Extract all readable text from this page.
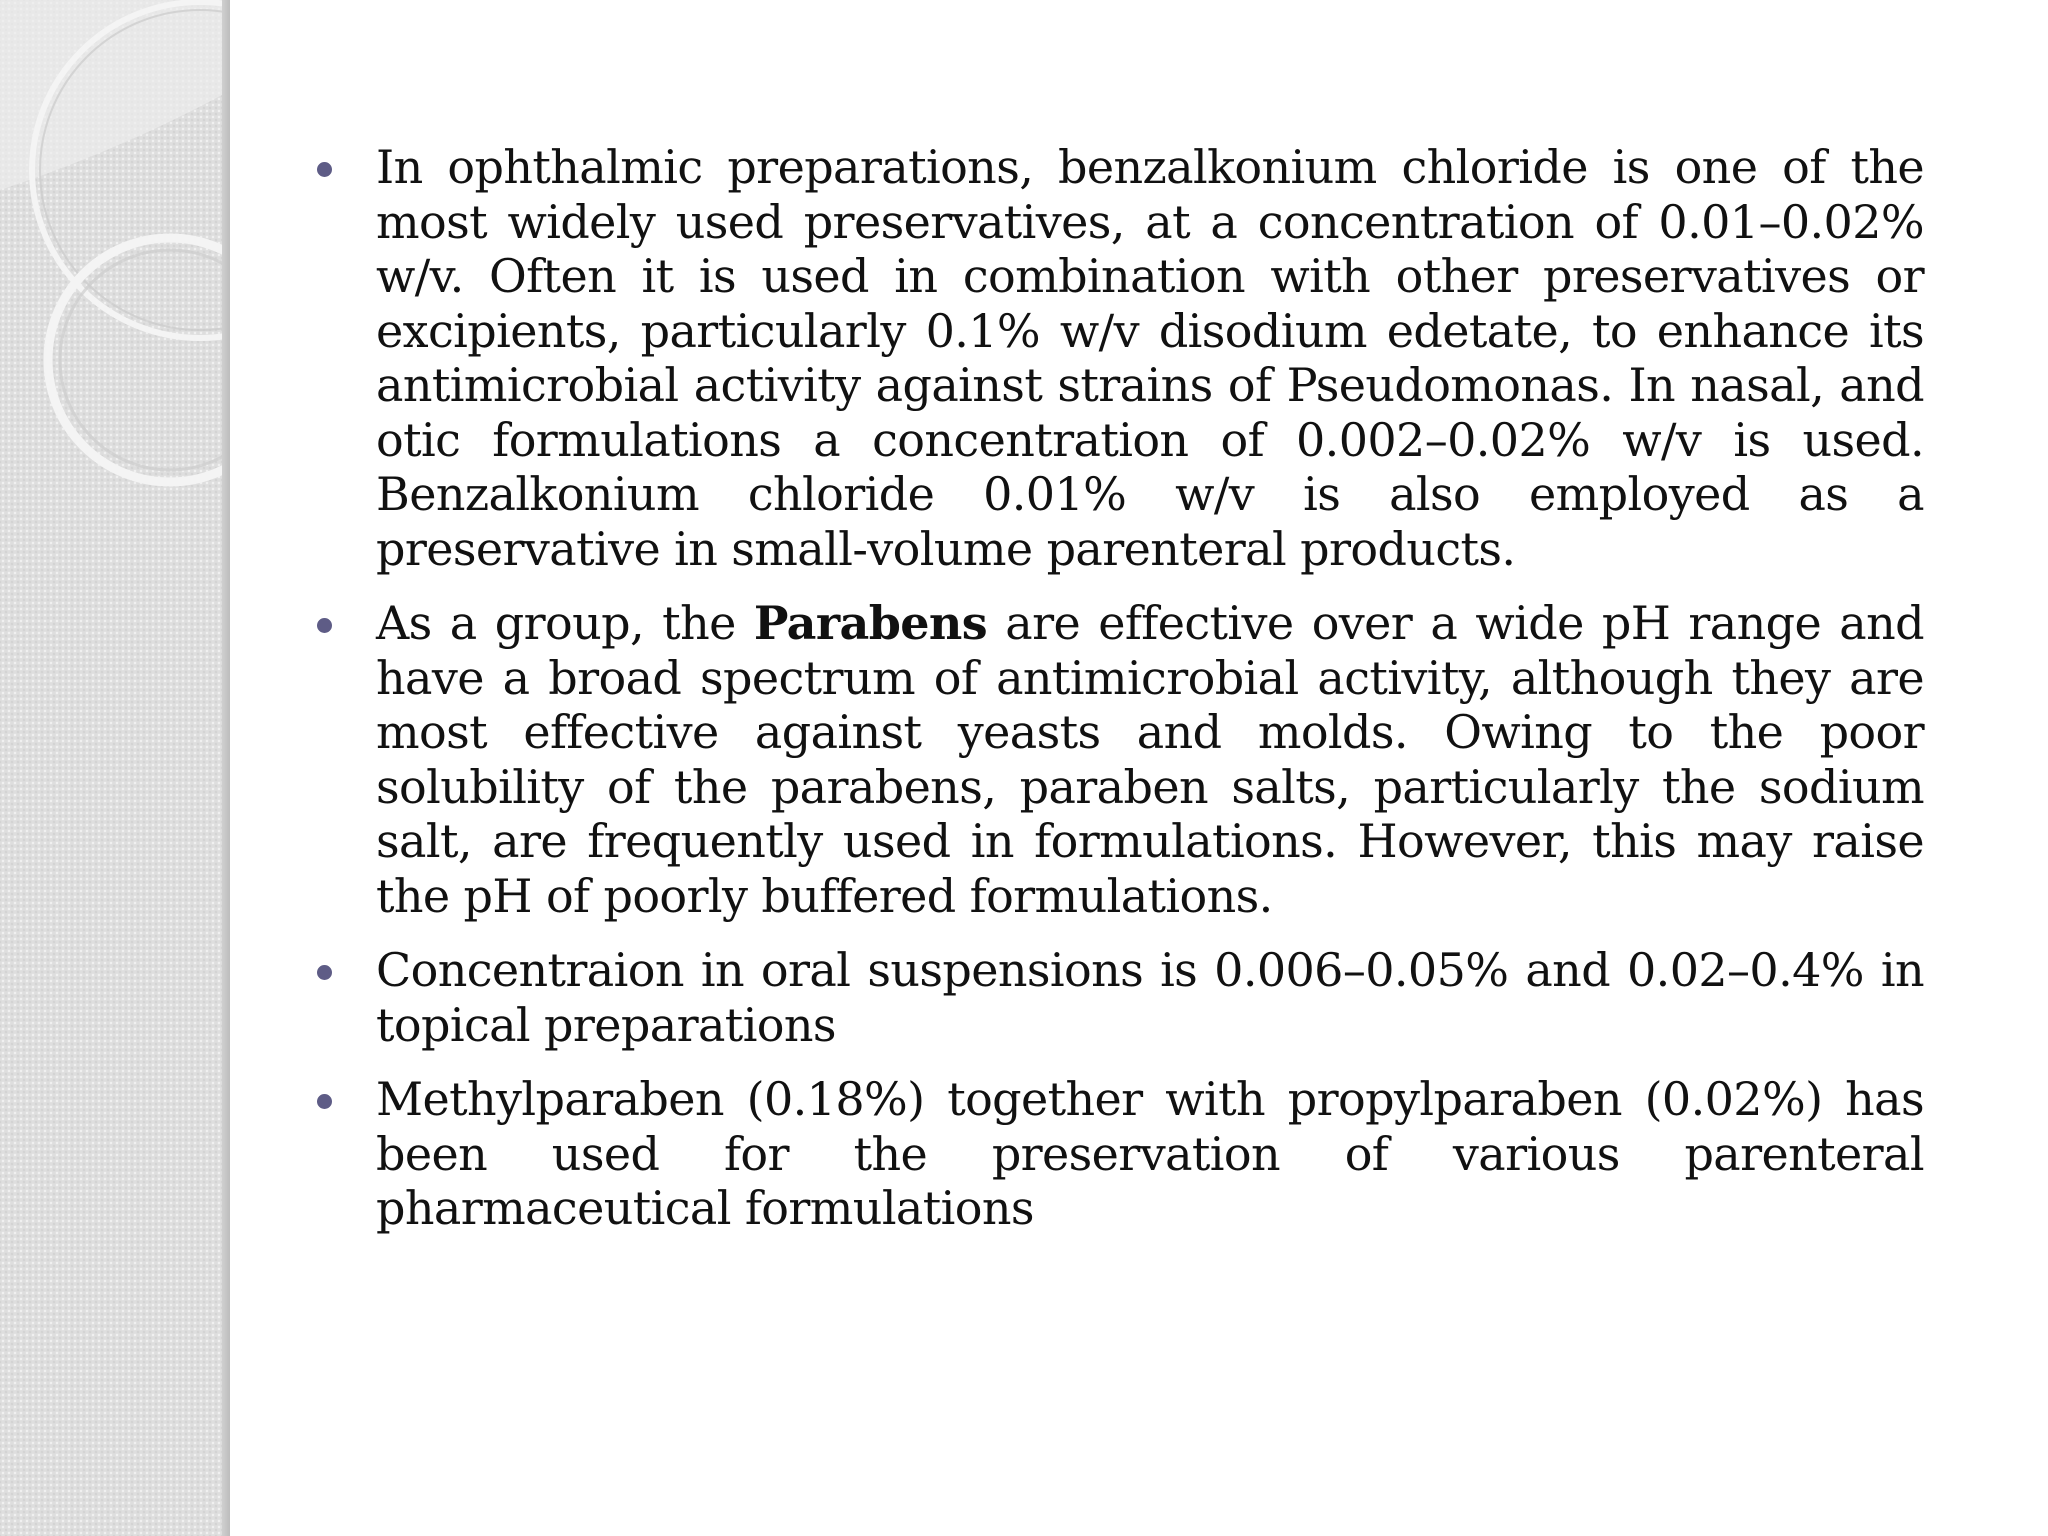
In ophthalmic preparations, benzalkonium chloride is one of the most widely used preservatives, at a concentration of 0.01–0.02% w/v. Often it is used in combination with other preservatives or excipients, particularly 0.1% w/v disodium edetate, to enhance its antimicrobial activity against strains of Pseudomonas. In nasal, and otic formulations a concentration of 0.002–0.02% w/v is used. Benzalkonium chloride 0.01% w/v is also employed as a preservative in small-volume parenteral products.
As a group, the Parabens are effective over a wide pH range and have a broad spectrum of antimicrobial activity, although they are most effective against yeasts and molds. Owing to the poor solubility of the parabens, paraben salts, particularly the sodium salt, are frequently used in formulations. However, this may raise the pH of poorly buffered formulations.
Concentraion in oral suspensions is 0.006–0.05% and 0.02–0.4% in topical preparations
Methylparaben (0.18%) together with propylparaben (0.02%) has been used for the preservation of various parenteral pharmaceutical formulations
